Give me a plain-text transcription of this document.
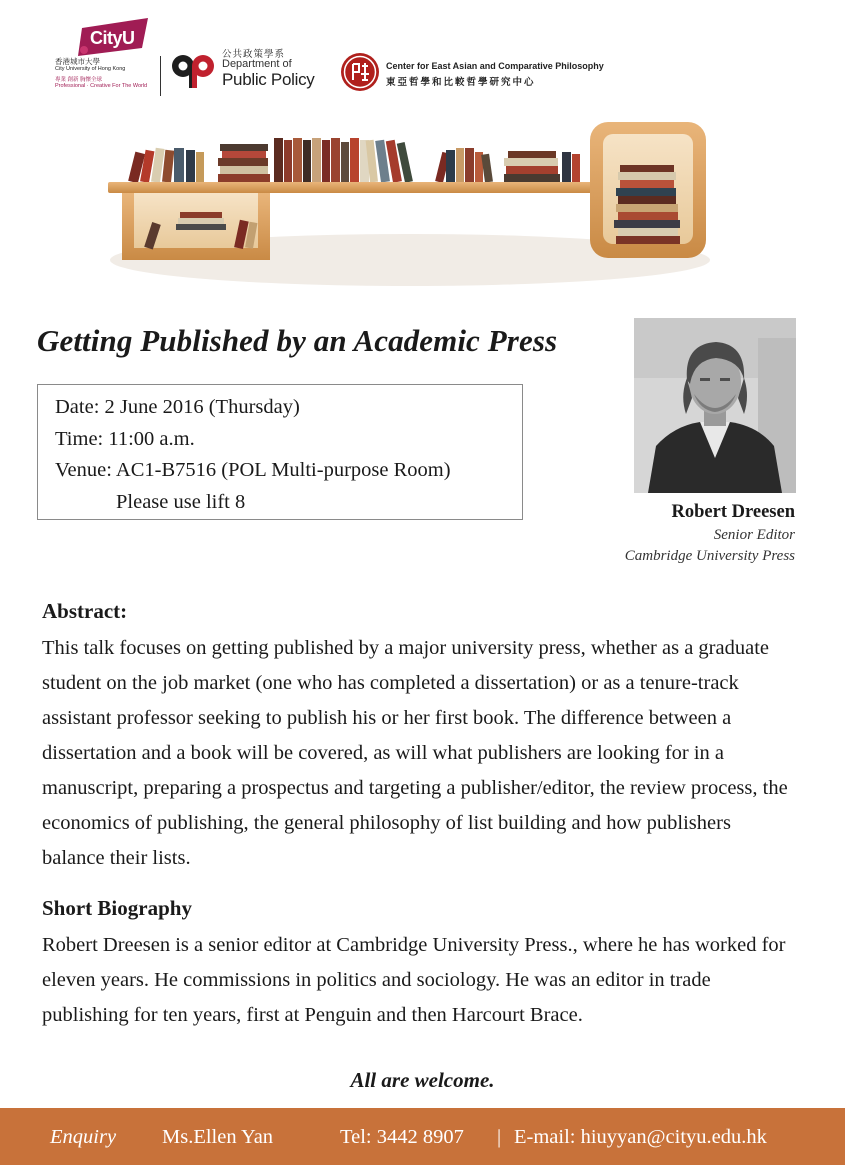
CityU
香港城市大學
City University of Hong Kong
專業 創新 胸懷全球
Professional · Creative For The World
公共政策學系
Department of
Public Policy
Center for East Asian and Comparative Philosophy
東亞哲學和比較哲學研究中心
Getting Published by an Academic Press
Date: 2 June 2016 (Thursday)
Time: 11:00 a.m.
Venue: AC1-B7516 (POL Multi-purpose Room)
Please use lift 8	Robert Dreesen
Senior Editor
Cambridge University Press
Abstract:

This talk focuses on getting published by a major university press, whether as a graduate student on the job market (one who has completed a dissertation) or as a tenure-track assistant professor seeking to publish his or her first book. The difference between a dissertation and a book will be covered, as will what publishers are looking for in a manuscript, preparing a prospectus and targeting a publisher/editor, the review process, the economics of publishing, the general philosophy of list building and how publishers balance their lists.

Short Biography

Robert Dreesen is a senior editor at Cambridge University Press., where he has worked for eleven years. He commissions in politics and sociology. He was an editor in trade publishing for ten years, first at Penguin and then Harcourt Brace.

All are welcome.
Enquiry Ms.Ellen Yan	Tel: 3442 8907 | E-mail: hiuyyan@cityu.edu.hk
